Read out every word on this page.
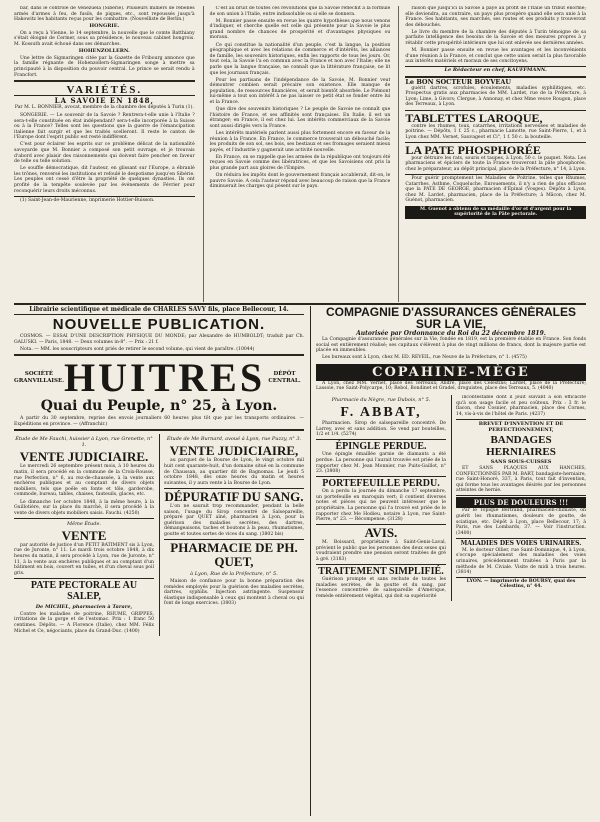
bar, dans le contrôle de Venezuela (Sibérie). Plusieurs milliers de rebelles armés d'armes à feu, de fusils, de piques, etc., sont repoussés jusqu'à Hakowitz les habitants reçus pour les combattre. (Nouvelliste de Berlin.)

HONGRIE.

On a reçu à Vienne, le 14 septembre, la nouvelle que le comte Batthiany s'était éloigné de Cermer, sous sa présidence, le nouveau cabinet hongrois. M. Kossuth avait échoué dans ses démarches.

HOHENZOLLERN.

Une lettre de Sigmaringen citée par la Gazette de Fribourg annonce que la famille régnante de Hohenzollern-Sigmaringen songe à mettre sa principauté à la disposition du pouvoir central. Le prince se serait rendu à Francfort.

VARIÉTÉS.
LA SAVOIE EN 1848,
Par M. L. BONNIER, avocat, membre de la chambre des députés à Turin (1).

SONGERIE. — Le souvenir de la Savoie ? Rentrera-t-elle unie à l'Italie ? sera-t-elle constituée en état indépendant? sera-t-elle incorporée à la Suisse ou à la France? Telles sont les questions que la guerre de l'émancipation italienne fait surgir et que les traités scelleront. Il reste le canton de l'Europe dont l'esprit public est resté indifférent.

C'est pour éclairer les esprits sur ce problème délicat de la nationalité savoyarde que M. Bonnier a composé son petit ouvrage, et je trouvais d'abord avec plaisir des raisonnements qui doivent faire pencher en faveur de telle ou telle solution.

Le souffle démocratique, dit l'auteur, en glissant sur l'Europe, a ébranlé les trônes, renversé les institutions et refoulé le despotisme jusqu'en Sibérie. Les peuples ont cessé d'être la propriété de quelques dynasties. Ils ont profité de la tempête soulevée par les événements de Février pour reconquérir leurs droits méconnus.

(1) Saint-Jean-de-Maurienne, imprimerie Hottier-Buisson.

C'est au bruit de toutes ces révolutions que la Savoie réfléchit à la formule de son union à l'Italie, entre indissoluble ou si elle se donnera.

M. Bonnier passe ensuite en revue les quatre hypothèses que nous venons d'indiquer, et cherche quelle est celle qui présente pour la Savoie le plus grand nombre de chances de prospérité et d'avantages physiques ou moraux.

Ce qui constitue la nationalité d'un peuple, c'est la langue, la position géographique et avec les relations de commerce et d'intérêts, les alliances de famille, les souvenirs historiques, enfin les rapports de tous les jours. Or, tout cela, la Savoie l'a en commun avec la France et non avec l'Italie; elle ne parle que la langue française, ne connaît que la littérature française, ne lit que les journaux français.

Pour les partisans de l'indépendance de la Savoie, M. Bonnier veut démontrer combien serait précaire son existence. Elle manque de population, de ressources financières, et serait bientôt absorbée. Le Piémont lui-même a tout son intérêt à ne pas laisser ce petit état se fonder entre lui et la France.

Que dire des souvenirs historiques ? Le peuple de Savoie ne connaît que l'histoire de France, et ses affinités sont françaises. En Italie, il est un étranger; en France, il est chez lui. Les intérêts commerciaux de la Savoie sont aussi dirigés vers la France.

Les intérêts matériels parlent aussi plus fortement encore en faveur de la réunion à la France. En France, le commerce trouverait un débouché facile; les produits de son sol, ses bois, ses bestiaux et ses fromages seraient mieux payés, et l'industrie y gagnerait une activité nouvelle.

En France, on se rappelle que les armées de la république ont toujours été reçues en Savoie comme des libératrices, et que les Savoisiens ont pris la plus grande part aux gloires de l'Empire.

On réduira les impôts dont le gouvernement français accablerait, dit-on, le pauvre Savoie. A cela l'auteur répond avec beaucoup de raison que la France diminuerait les charges qui pèsent sur le pays.

raison que jusqu'ici la Savoie a payé au profit de l'Italie un tribut énorme; elle deviendra, au contraire, un pays plus prospère quand elle sera unie à la France. Ses habitants, ses marchés, ses routes et ses produits y trouveront des débouchés.

Le livre du membre de la chambre des députés à Turin témoigne de sa parfaite intelligence des besoins de la Savoie et des mesures propres à y rétablir cette prospérité intérieure que lui ont enlevée ses dernières années.

M. Bonnier passe ensuite en revue les avantages et les inconvénients d'une réunion à la France, et conclut que cette union serait la plus favorable aux intérêts matériels et moraux de ses concitoyens.

Le Rédacteur en chef, KAUFFMANN.
Le BON SOCTEUR BOYVEAU

guérit dartres, scrofules, écoulements, maladies syphilitiques, etc. Prospectus gratis aux pharmacies de MM. Lardet, rue de la Préfecture, à Lyon; Lime, à Givors; Clergue, à Annonay, et chez Mme veuve Rougon, place des Terreaux, à Lyon.

TABLETTES LAROQUE,

contre les rhumes, toux, catarrhes, irritations nerveuses et maladies de poitrine. — Dépôts, 1 f. 25 c., pharmacie Lamotte, rue Saint-Pierre, 1, et à Lyon chez MM. Vernet, Sauvageot et Ci°, 1 f. 50 c. la bouteille.

LA PATE PHOSPHORÉE

pour détruire les rats, souris et taupes, à Lyon, 50 c. le paquet. Nota. Les pharmaciens et épiciers de toute la France trouveront la pâte phosphorée, chez le préparateur, au dépôt principal, place de la Préfecture, n° 14, à Lyon.

Pour guérir promptement les Maladies de Poitrine, telles que Rhumes, Catarrhes, Asthme, Coqueluche, Enrouements, il n'y a rien de plus efficace que la PATE DE GEORGE, pharmacien d'Épinal (Vosges). Dépôts à Lyon, chez M. Lardet, pharmacien, place de la Préfecture; à Mâcon, chez M. Guénot, pharmacien.

M. Guenot a obtenu de sa médaille d'or et d'argent pour la supériorité de la Pâte pectorale.
Librairie scientifique et médicale de CHARLES SAVY fils, place Bellecour, 14.
NOUVELLE PUBLICATION.

COSMOS. — ESSAI D'UNE DESCRIPTION PHYSIQUE DU MONDE; par Alexandre de HUMBOLDT; traduit par Ch. GALUSKI. — Paris, 1848. — Deux volumes in-8°. — Prix : 21 f.

Nota. — MM. les souscripteurs sont priés de retirer le second volume, qui vient de paraître. (10044)

SOCIÉTÉ GRANVILLAISE. HUITRES	DÉPÔT CENTRAL.
Quai du Peuple, n° 25, à Lyon.

A partir du 30 septembre, reprise des envois journaliers 60 heures plus tôt que par les transports ordinaires. — Expéditions en province. — (Affranchir.)

Étude de Me Fauchi, huissier à Lyon, rue Grenette, n° 1.
VENTE JUDICIAIRE.

Le mercredi 26 septembre présent mois, à 10 heures du matin, il sera procédé en la commune de la Croix-Rousse, rue Perfection, n° 6, au rez-de-chaussée, à la vente aux enchères publiques et au comptant de divers objets mobiliers, tels que poêle en fonte et tôle, garderobe, commode, bureau, tables, chaises, fauteuils, glaces, etc.

Le dimanche 1er octobre 1848, à la même heure, à la Guillotière, sur la place du marché, il sera procédé à la vente de divers objets mobiliers saisis. Fauchi. (4250)

Même Étude.
VENTE

par autorité de justice d'un PETIT BATIMENT sis à Lyon, rue de Juronte, n° 11. Le mardi trois octobre 1848, à dix heures du matin, il sera procédé à Lyon, rue de Juronte, n° 11, à la vente aux enchères publiques et au comptant d'un bâtiment en bois, couvert en tuiles, et d'un cheval sous poil gris.

PATE PECTORALE AU SALEP,
De MICHEL, pharmacien à Tarare,

Contre les maladies de poitrine, RHUME, GRIPPES, irritations de la gorge et de l'estomac. Prix : 1 franc 50 centimes. Dépôts. — A Florence (Italie), chez MM. Félix Michel et Ce, négociants, place du Grand-Duc. (1400)

Étude de Me Burnard, avoué à Lyon, rue Puzzy, n° 3.
VENTE JUDICIAIRE,

au parquet de la Bourse de Lyon, le vingt octobre mil huit cent quarante-huit, d'un domaine situé en la commune de Chaussan, au quartier dit de Bagnomas. Le jeudi 5 octobre 1848, dès onze heures du matin et heures suivantes, il y aura vente à la Bourse de Lyon.

DÉPURATIF DU SANG.

L'on ne saurait trop recommander, pendant la belle saison, l'usage du Sirop concentré de Salsepareille, préparé par QUET aîné, pharmacien à Lyon, pour la guérison des maladies secrètes, des dartres, démangeaisons, taches et boutons à la peau, rhumatismes, goutte et toutes sortes de vices du sang. (3802 bis)

PHARMACIE DE PH. QUET,
à Lyon, Rue de la Préfecture, n° 5.

Maison de confiance pour la bonne préparation des remèdes employés pour la guérison des maladies secrètes, dartres, syphilis. Injection astringente. Suspensoir élastique indispensable à ceux qui montent à cheval ou qui font de longs exercices. (3803)

COMPAGNIE D'ASSURANCES GÉNÉRALES SUR LA VIE,
Autorisée par Ordonnance du Roi du 22 décembre 1819.

La Compagnie d'assurances générales sur la Vie, fondée en 1819, est la première établie en France. Son fonds social est entièrement réalisé; ses capitaux s'élèvent à plus de vingt millions de francs, dont la majeure partie est placée en immeubles.

Les bureaux sont à Lyon, chez M. ED. REVEIL, rue Neuve de la Préfecture, n° 1. (4575)

COPAHINE-MÈGE

A Lyon, chez MM. Vernet, place des Terreaux; André, place des Célestins; Lardet, place de la Préfecture; Lassoie, rue Saint-Polycarpe, 10; Rebol, Bondinet et Gradel, droguistes, place des Terreaux, 5. (4040)

Pharmacie du Nègre, rue Dubois, n° 5.
F. ABBAT,

Pharmacien. Sirop de salsepareille concentré. De Larrey, avec et sans addition. Se vend par bouteilles, 1/2 et 1/4. (5274)

ÉPINGLE PERDUE.

Une épingle émaillée garnie de diamants a été perdue. La personne qui l'aurait trouvée est priée de la rapporter chez M. Jean Monnier, rue Puits-Gaillot, n° 23. (3808)

PORTEFEUILLE PERDU.

On a perdu la journée du dimanche 17 septembre, un portefeuille en maroquin vert; il contient diverses notes et pièces qui ne peuvent intéresser que le propriétaire. La personne qui l'a trouvé est priée de le rapporter chez Me Hodieu, notaire à Lyon, rue Saint-Pierre, n° 23. — Récompense. (3128)

AVIS.

M. Boissard, propriétaire à Saint-Genis-Laval, prévient le public que les personnes des deux sexes qui voudraient prendre une pension seront traitées de gré à gré. (3183)

TRAITEMENT SIMPLIFIÉ.

Guérison prompte et sans rechute de toutes les maladies secrètes, de la goutte et du sang, par l'essence concentrée de salsepareille d'Amérique, remède entièrement végétal, qui doit sa supériorité

incontestable dont il jouit suivant à son efficacité qu'à son usage facile et peu coûteux. Prix : 3 fr. le flacon, chez Cosnier, pharmacien, place des Cornes, 14, vis-à-vis de l'hôtel de Paris. (4237)

BREVET D'INVENTION ET DE PERFECTIONNEMENT,
BANDAGES HERNIAIRES
SANS SOUS-CUISSES

ET SANS PLAQUES AUX HANCHES, CONFECTIONNÉS PAR M. BART, bandagiste-herniaire, rue Saint-Honoré, 337, à Paris, tout fait d'invention, qui forme tous les avantages désirés par les personnes atteintes de hernie.

PLUS DE DOULEURS !!!

Par le Topique Bertrand, pharmacien-chimiste, on guérit les rhumatismes, douleurs de goutte, de sciatique, etc. Dépôt à Lyon, place Bellecour, 17; à Paris, rue des Lombards, 37. — Voir l'instruction. (3400)

MALADIES DES VOIES URINAIRES.

M. le docteur Ollier, rue Saint-Dominique, 4, à Lyon, s'occupe spécialement des maladies des voies urinaires, précédemment traitées à Paris par la méthode de M. Civiale. Visite de midi à trois heures. (3814)

LYON. — Imprimerie de BOURSY, quai des Célestins, n° 44.
